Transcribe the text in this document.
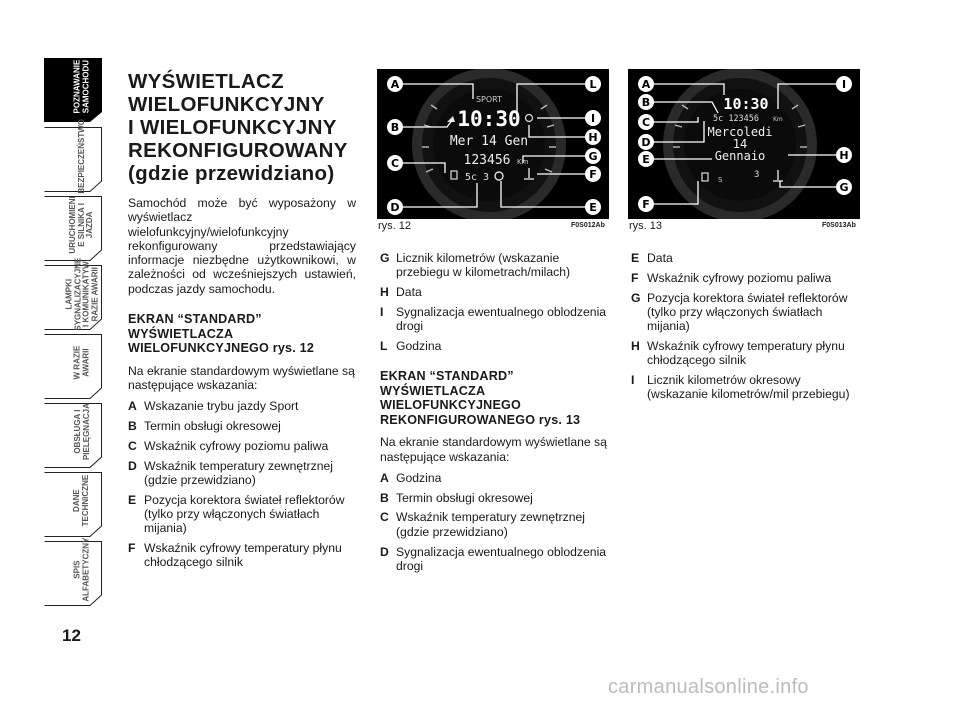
POZNAWANIE
SAMOCHODU
BEZPIECZEŃSTWO
URUCHOMIENI
E SILNIKA I
JAZDA
LAMPKI
SYGNALIZACYJNE
I KOMUNIKATYW
RAZIE AWARII
W RAZIE
AWARII
OBSŁUGA I
PIELĘGNACJA
DANE
TECHNICZNE
SPIS
ALFABETYCZNY
12
WYŚWIETLACZ
WIELOFUNKCYJNY
I WIELOFUNKCYJNY
REKONFIGUROWANY
(gdzie przewidziano)

Samochód może być wyposażony w wyświetlacz wielofunkcyjny/wielofunkcyjny rekonfigurowany przedstawiający informacje niezbędne użytkownikowi, w zależności od wcześniejszych ustawień, podczas jazdy samochodu.

EKRAN “STANDARD” WYŚWIETLACZA WIELOFUNKCYJNEGO rys. 12

Na ekranie standardowym wyświetlane są następujące wskazania:

A Wskazanie trybu jazdy Sport
B Termin obsługi okresowej
C Wskaźnik cyfrowy poziomu paliwa
D Wskaźnik temperatury zewnętrznej (gdzie przewidziano)
E Pozycja korektora świateł reflektorów (tylko przy włączonych światłach mijania)
F Wskaźnik cyfrowy temperatury płynu chłodzącego silnik
SPORT
10:30
Mer 14 Gen
123456 Km
5c 3
A	L
B
I
H
C
G
F
D	E
rys. 12	F0S012Ab
10:30
5c 123456 Km
Mercoledi
14
Gennaio
S	3
A
B
C
D
E
F
I
H
G
rys. 13	F0S013Ab
G Licznik kilometrów (wskazanie przebiegu w kilometrach/milach)
H Data
I Sygnalizacja ewentualnego oblodzenia drogi
L Godzina
EKRAN “STANDARD” WYŚWIETLACZA WIELOFUNKCYJNEGO REKONFIGUROWANEGO rys. 13

Na ekranie standardowym wyświetlane są następujące wskazania:

A Godzina
B Termin obsługi okresowej
C Wskaźnik temperatury zewnętrznej (gdzie przewidziano)
D Sygnalizacja ewentualnego oblodzenia drogi
E Data
F Wskaźnik cyfrowy poziomu paliwa
G Pozycja korektora świateł reflektorów (tylko przy włączonych światłach mijania)
H Wskaźnik cyfrowy temperatury płynu chłodzącego silnik
I Licznik kilometrów okresowy (wskazanie kilometrów/mil przebiegu)
carmanualsonline.info
